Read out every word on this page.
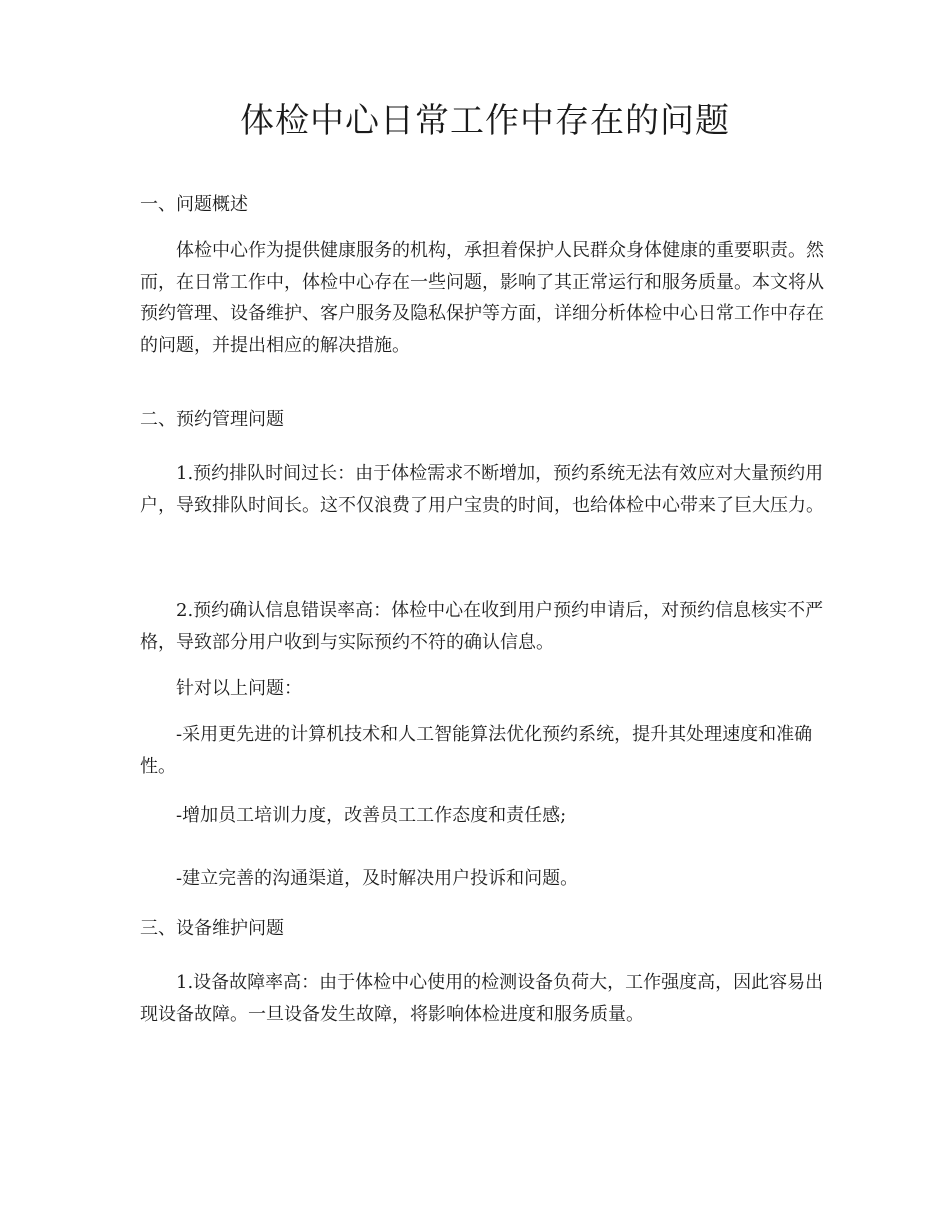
体检中心日常工作中存在的问题
一、问题概述

体检中心作为提供健康服务的机构，承担着保护人民群众身体健康的重要职责。然而，在日常工作中，体检中心存在一些问题，影响了其正常运行和服务质量。本文将从预约管理、设备维护、客户服务及隐私保护等方面，详细分析体检中心日常工作中存在的问题，并提出相应的解决措施。

二、预约管理问题

1.预约排队时间过长：由于体检需求不断增加，预约系统无法有效应对大量预约用户，导致排队时间长。这不仅浪费了用户宝贵的时间，也给体检中心带来了巨大压力。

2.预约确认信息错误率高：体检中心在收到用户预约申请后，对预约信息核实不严格，导致部分用户收到与实际预约不符的确认信息。

针对以上问题：

-采用更先进的计算机技术和人工智能算法优化预约系统，提升其处理速度和准确性。

-增加员工培训力度，改善员工工作态度和责任感;

-建立完善的沟通渠道，及时解决用户投诉和问题。

三、设备维护问题

1.设备故障率高：由于体检中心使用的检测设备负荷大，工作强度高，因此容易出现设备故障。一旦设备发生故障，将影响体检进度和服务质量。
